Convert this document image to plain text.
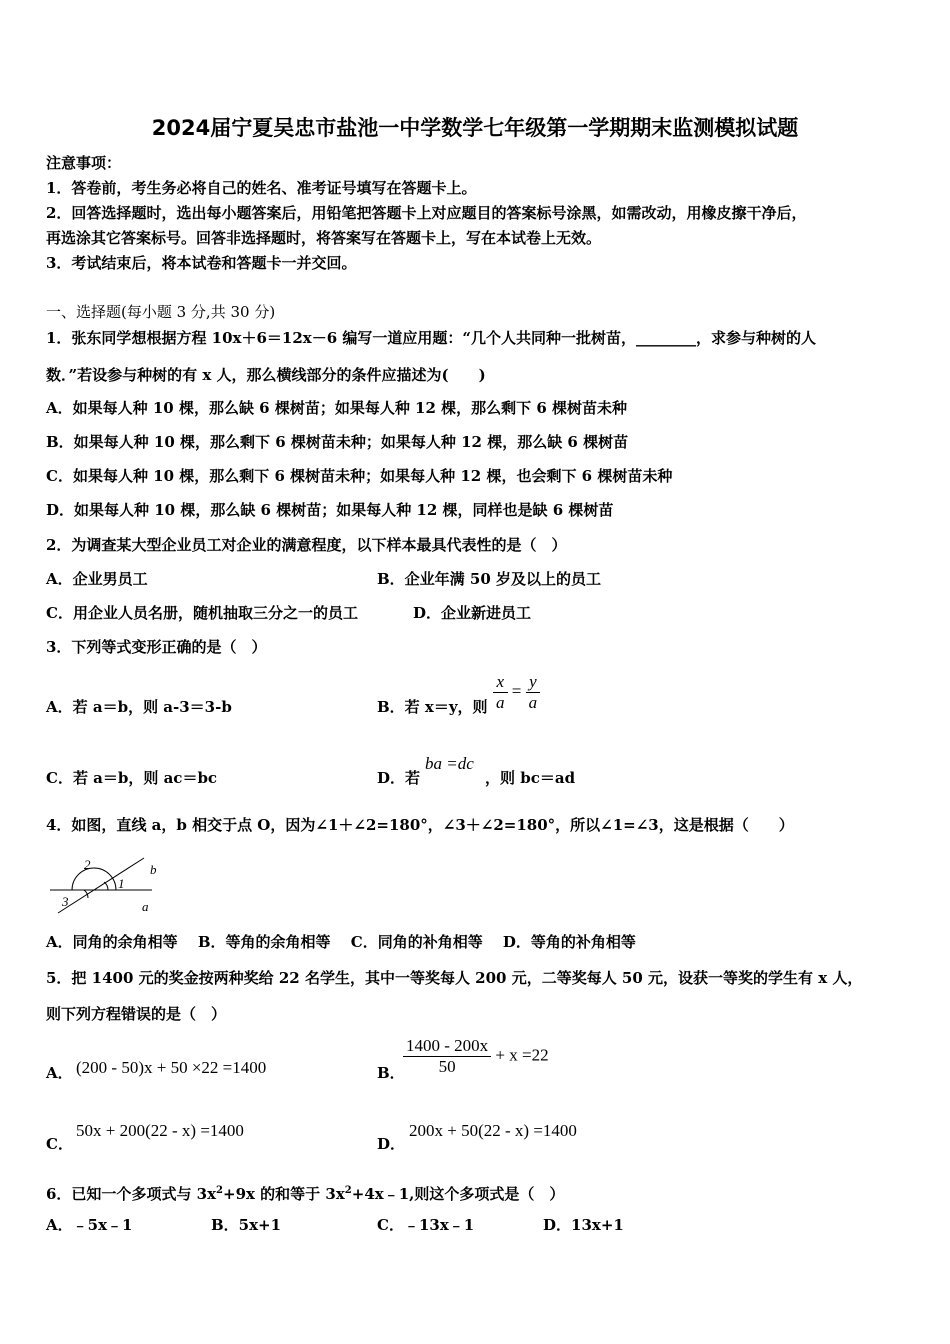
2024届宁夏吴忠市盐池一中学数学七年级第一学期期末监测模拟试题
注意事项：
1．答卷前，考生务必将自己的姓名、准考证号填写在答题卡上。
2．回答选择题时，选出每小题答案后，用铅笔把答题卡上对应题目的答案标号涂黑，如需改动，用橡皮擦干净后，
再选涂其它答案标号。回答非选择题时，将答案写在答题卡上，写在本试卷上无效。
3．考试结束后，将本试卷和答题卡一并交回。
一、选择题(每小题 3 分,共 30 分)
1．张东同学想根据方程 10x＋6＝12x－6 编写一道应用题：“几个人共同种一批树苗，________，求参与种树的人
数．”若设参与种树的有 x 人，那么横线部分的条件应描述为(　　)
A．如果每人种 10 棵，那么缺 6 棵树苗；如果每人种 12 棵，那么剩下 6 棵树苗未种
B．如果每人种 10 棵，那么剩下 6 棵树苗未种；如果每人种 12 棵，那么缺 6 棵树苗
C．如果每人种 10 棵，那么剩下 6 棵树苗未种；如果每人种 12 棵，也会剩下 6 棵树苗未种
D．如果每人种 10 棵，那么缺 6 棵树苗；如果每人种 12 棵，同样也是缺 6 棵树苗
2．为调查某大型企业员工对企业的满意程度，以下样本最具代表性的是（　）
A．企业男员工	B．企业年满 50 岁及以上的员工
C．用企业人员名册，随机抽取三分之一的员工	D．企业新进员工
3．下列等式变形正确的是（　）
A．若 a＝b，则 a-3＝3-b	B．若 x＝y，则 $\frac{x}{a} = \frac{y}{a}$
C．若 a＝b，则 ac＝bc	D．若
ba =dc
，则 bc＝ad
4．如图，直线 a，b 相交于点 O，因为∠1＋∠2=180°，∠3＋∠2=180°，所以∠1=∠3，这是根据（　　）
2
1
3
b
a
A．同角的余角相等　 B．等角的余角相等　 C．同角的补角相等　 D．等角的补角相等
5．把 1400 元的奖金按两种奖给 22 名学生，其中一等奖每人 200 元，二等奖每人 50 元，设获一等奖的学生有 x 人，
则下列方程错误的是（　）
A． (200 - 50)x + 50 ×22 =1400	B．
$\frac{1400 - 200x}{50} + x =22$
C．
50x + 200(22 - x) =1400
D．
200x + 50(22 - x) =1400
6．已知一个多项式与 $3x^2+9x$ 的和等于 $3x^2+4x﹣1$,则这个多项式是（　）
A．﹣5x﹣1	B．5x+1	C．﹣13x﹣1	D．13x+1
